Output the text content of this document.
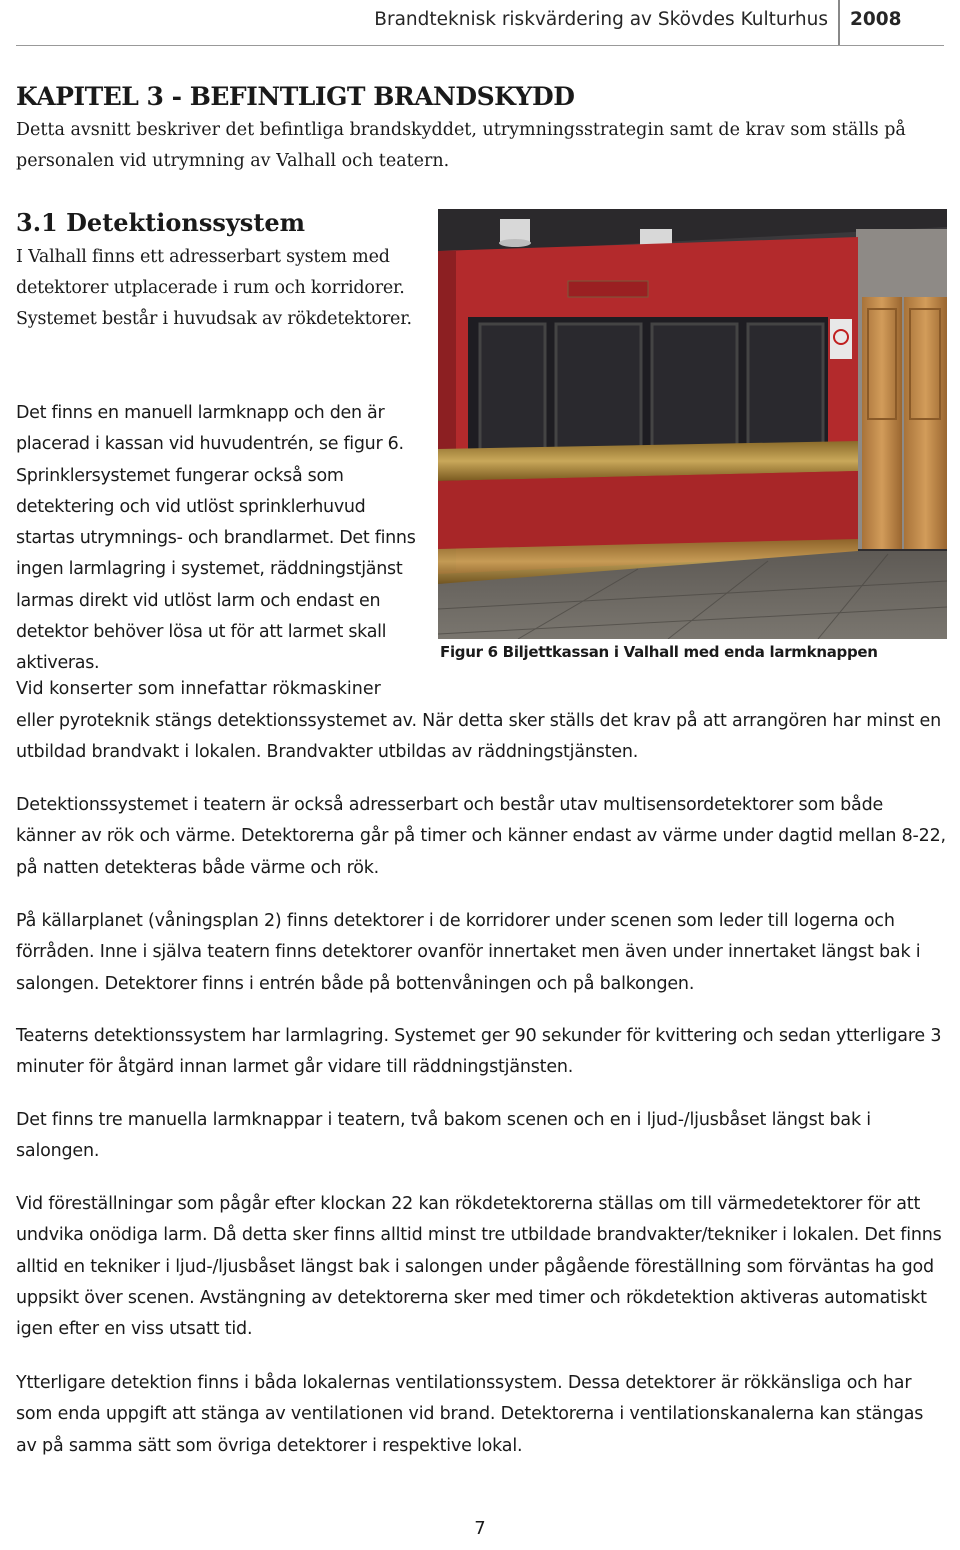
Brandteknisk riskvärdering av Skövdes Kulturhus 2008
KAPITEL 3 - BEFINTLIGT BRANDSKYDD

Detta avsnitt beskriver det befintliga brandskyddet, utrymningsstrategin samt de krav som ställs på personalen vid utrymning av Valhall och teatern.

3.1 Detektionssystem

I Valhall finns ett adresserbart system med detektorer utplacerade i rum och korridorer. Systemet består i huvudsak av rökdetektorer.

Det finns en manuell larmknapp och den är placerad i kassan vid huvudentrén, se figur 6. Sprinklersystemet fungerar också som detektering och vid utlöst sprinklerhuvud startas utrymnings- och brandlarmet. Det finns ingen larmlagring i systemet, räddningstjänst larmas direkt vid utlöst larm och endast en detektor behöver lösa ut för att larmet skall aktiveras.

Figur 6 Biljettkassan i Valhall med enda larmknappen

Vid konserter som innefattar rökmaskiner

eller pyroteknik stängs detektionssystemet av. När detta sker ställs det krav på att arrangören har minst en utbildad brandvakt i lokalen. Brandvakter utbildas av räddningstjänsten.

Detektionssystemet i teatern är också adresserbart och består utav multisensordetektorer som både känner av rök och värme. Detektorerna går på timer och känner endast av värme under dagtid mellan 8-22, på natten detekteras både värme och rök.

På källarplanet (våningsplan 2) finns detektorer i de korridorer under scenen som leder till logerna och förråden. Inne i själva teatern finns detektorer ovanför innertaket men även under innertaket längst bak i salongen. Detektorer finns i entrén både på bottenvåningen och på balkongen.

Teaterns detektionssystem har larmlagring. Systemet ger 90 sekunder för kvittering och sedan ytterligare 3 minuter för åtgärd innan larmet går vidare till räddningstjänsten.

Det finns tre manuella larmknappar i teatern, två bakom scenen och en i ljud-/ljusbåset längst bak i salongen.

Vid föreställningar som pågår efter klockan 22 kan rökdetektorerna ställas om till värmedetektorer för att undvika onödiga larm. Då detta sker finns alltid minst tre utbildade brandvakter/tekniker i lokalen. Det finns alltid en tekniker i ljud-/ljusbåset längst bak i salongen under pågående föreställning som förväntas ha god uppsikt över scenen. Avstängning av detektorerna sker med timer och rökdetektion aktiveras automatiskt igen efter en viss utsatt tid.

Ytterligare detektion finns i båda lokalernas ventilationssystem. Dessa detektorer är rökkänsliga och har som enda uppgift att stänga av ventilationen vid brand. Detektorerna i ventilationskanalerna kan stängas av på samma sätt som övriga detektorer i respektive lokal.

7
